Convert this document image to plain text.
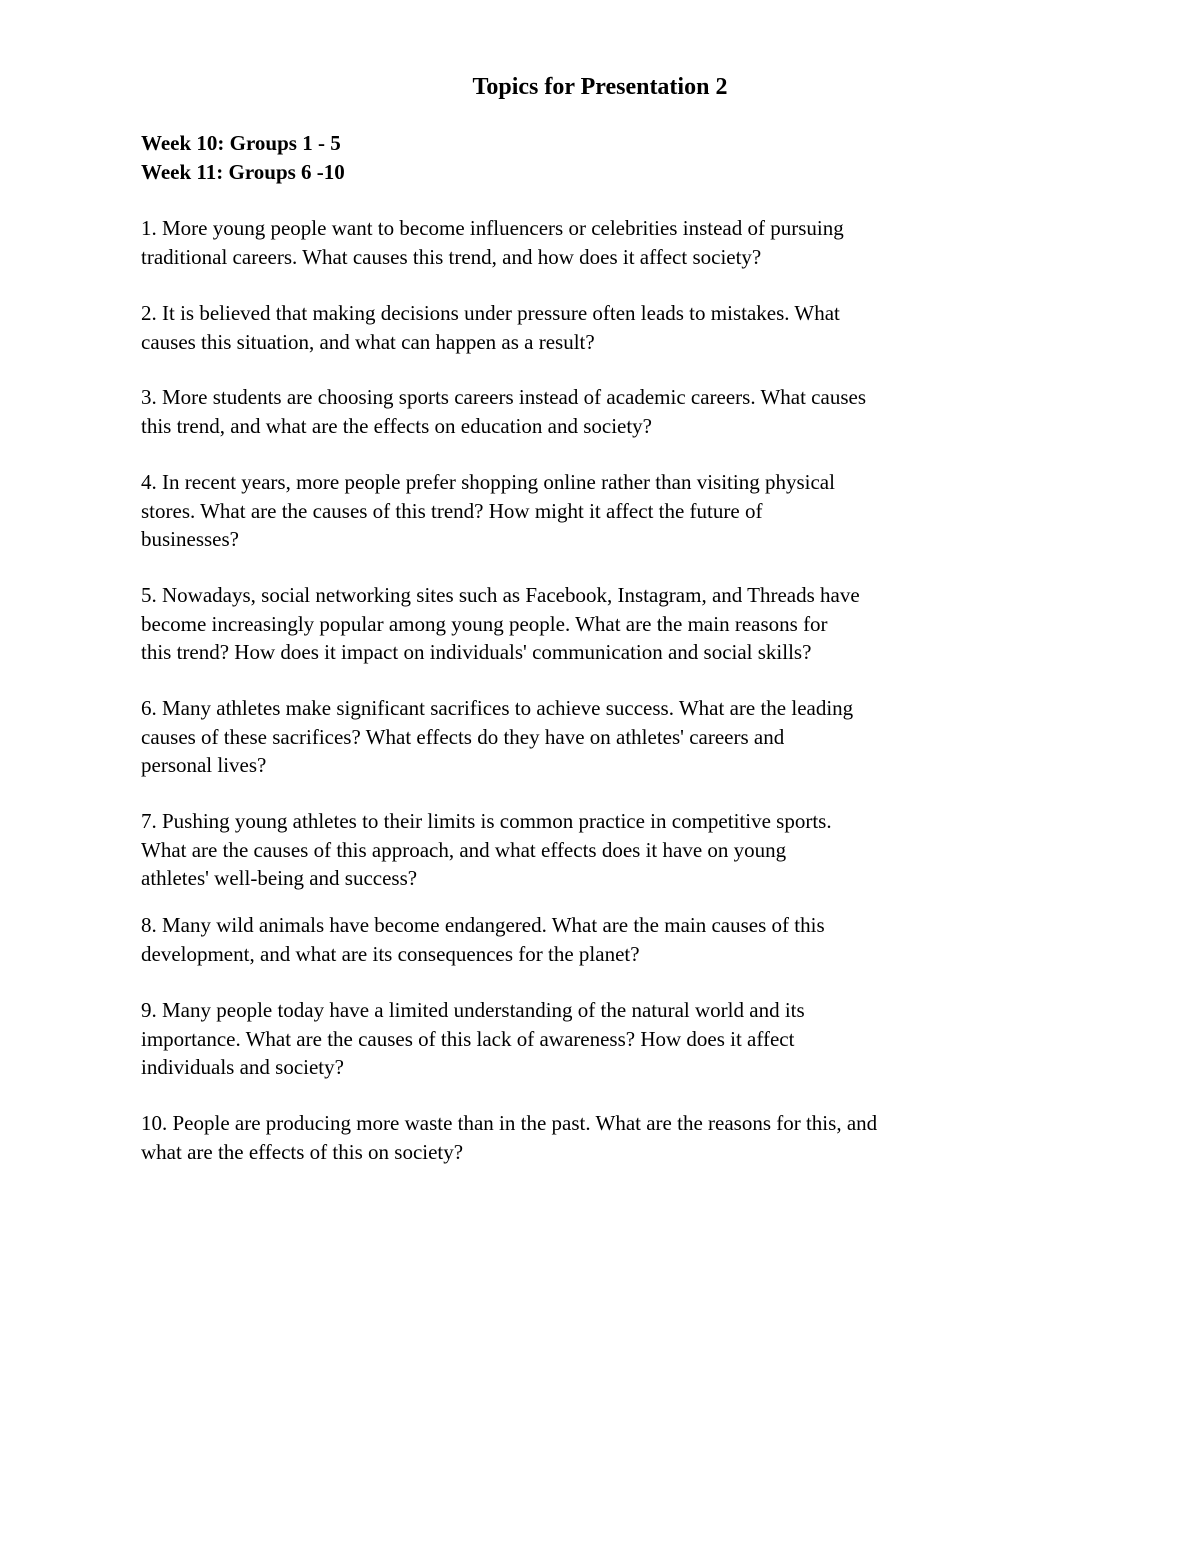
Topics for Presentation 2
Week 10: Groups 1 - 5
Week 11: Groups 6 -10
1. More young people want to become influencers or celebrities instead of pursuing
traditional careers. What causes this trend, and how does it affect society?
2. It is believed that making decisions under pressure often leads to mistakes. What
causes this situation, and what can happen as a result?
3. More students are choosing sports careers instead of academic careers. What causes
this trend, and what are the effects on education and society?
4. In recent years, more people prefer shopping online rather than visiting physical
stores. What are the causes of this trend? How might it affect the future of
businesses?
5. Nowadays, social networking sites such as Facebook, Instagram, and Threads have
become increasingly popular among young people. What are the main reasons for
this trend? How does it impact on individuals' communication and social skills?
6. Many athletes make significant sacrifices to achieve success. What are the leading
causes of these sacrifices? What effects do they have on athletes' careers and
personal lives?
7. Pushing young athletes to their limits is common practice in competitive sports.
What are the causes of this approach, and what effects does it have on young
athletes' well-being and success?
8. Many wild animals have become endangered. What are the main causes of this
development, and what are its consequences for the planet?
9. Many people today have a limited understanding of the natural world and its
importance. What are the causes of this lack of awareness? How does it affect
individuals and society?
10. People are producing more waste than in the past. What are the reasons for this, and
what are the effects of this on society?
